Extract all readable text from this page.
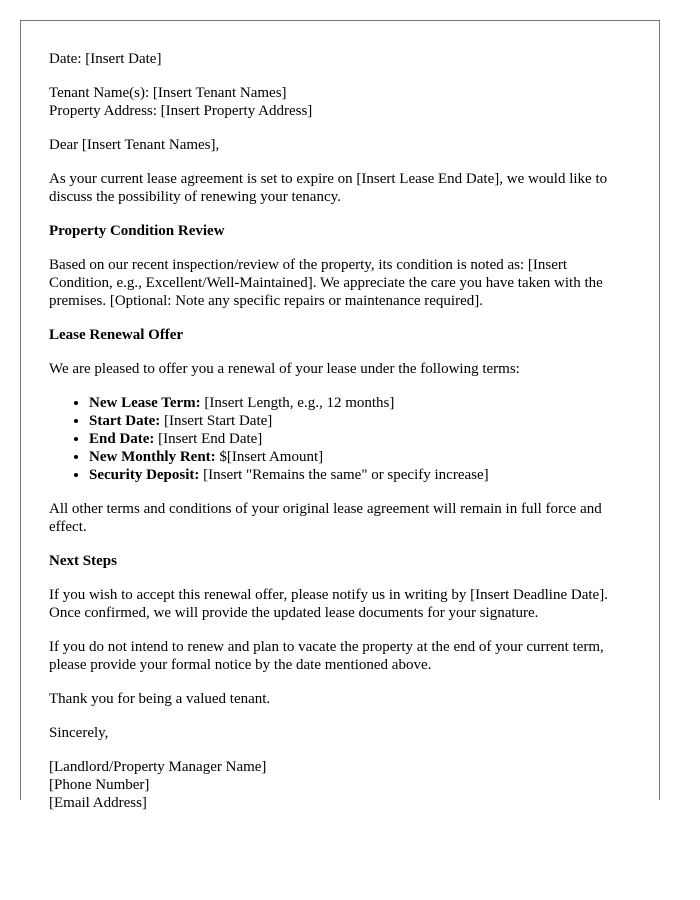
Date: [Insert Date]

Tenant Name(s): [Insert Tenant Names]
Property Address: [Insert Property Address]

Dear [Insert Tenant Names],

As your current lease agreement is set to expire on [Insert Lease End Date], we would like to discuss the possibility of renewing your tenancy.

Property Condition Review

Based on our recent inspection/review of the property, its condition is noted as: [Insert Condition, e.g., Excellent/Well-Maintained]. We appreciate the care you have taken with the premises. [Optional: Note any specific repairs or maintenance required].

Lease Renewal Offer

We are pleased to offer you a renewal of your lease under the following terms:

• New Lease Term: [Insert Length, e.g., 12 months]
• Start Date: [Insert Start Date]
• End Date: [Insert End Date]
• New Monthly Rent: $[Insert Amount]
• Security Deposit: [Insert "Remains the same" or specify increase]

All other terms and conditions of your original lease agreement will remain in full force and effect.

Next Steps

If you wish to accept this renewal offer, please notify us in writing by [Insert Deadline Date]. Once confirmed, we will provide the updated lease documents for your signature.

If you do not intend to renew and plan to vacate the property at the end of your current term, please provide your formal notice by the date mentioned above.

Thank you for being a valued tenant.

Sincerely,

[Landlord/Property Manager Name]
[Phone Number]
[Email Address]
